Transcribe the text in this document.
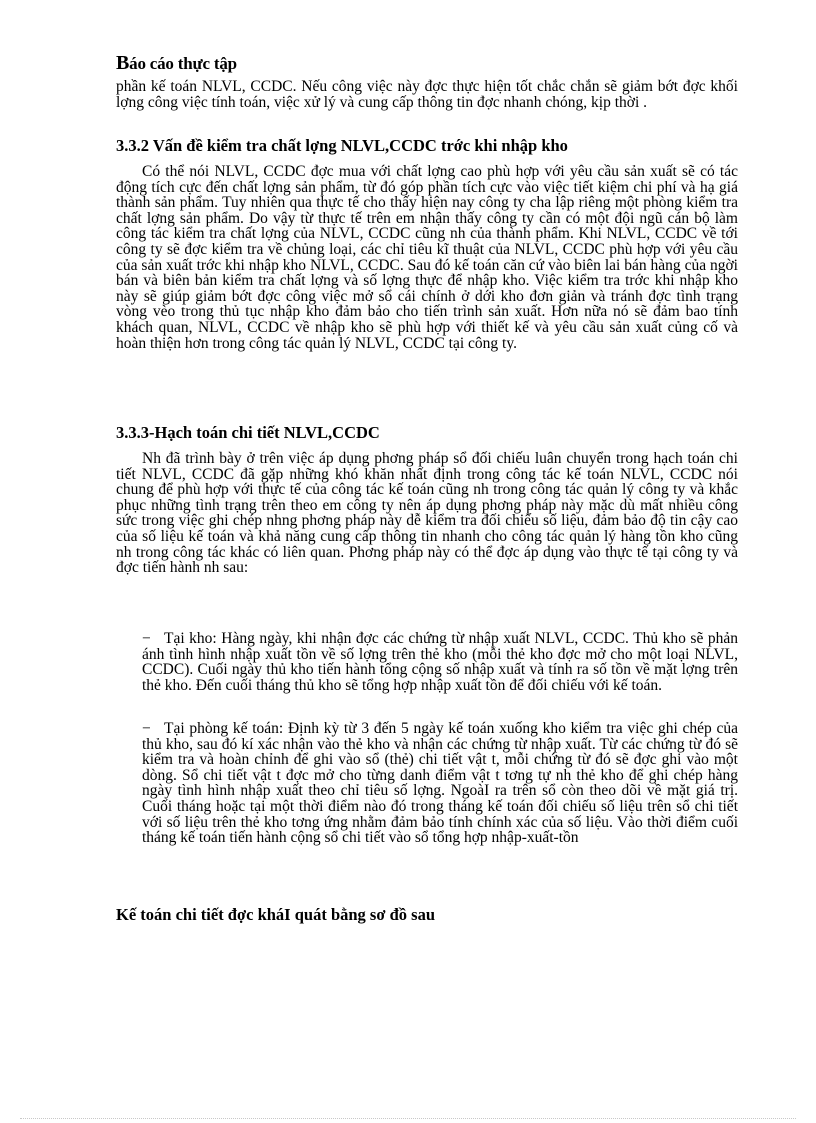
Báo cáo thực tập
phần kế toán NLVL, CCDC. Nếu công việc này đợc thực hiện tốt chắc chắn sẽ giảm bớt đợc khối lợng công việc tính toán, việc xử lý và cung cấp thông tin đợc nhanh chóng, kịp thời .
3.3.2 Vấn đề kiểm tra chất lợng NLVL,CCDC trớc khi nhập kho
Có thể nói NLVL, CCDC đợc mua với chất lợng cao phù hợp với yêu cầu sản xuất sẽ có tác động tích cực đến chất lợng sản phẩm, từ đó góp phần tích cực vào việc tiết kiệm chi phí và hạ giá thành sản phẩm. Tuy nhiên qua thực tế cho thấy hiện nay công ty cha lập riêng một phòng kiểm tra chất lợng sản phẩm. Do vậy từ thực tế trên em nhận thấy công ty cần có một đội ngũ cán bộ làm công tác kiểm tra chất lợng của NLVL, CCDC cũng nh của thành phẩm. Khi NLVL, CCDC về tới công ty sẽ đợc kiểm tra về chủng loại, các chỉ tiêu kĩ thuật của NLVL, CCDC phù hợp với yêu cầu của sản xuất trớc khi nhập kho NLVL, CCDC. Sau đó kế toán căn cứ vào biên lai bán hàng của ngời bán và biên bản kiểm tra chất lợng và số lợng thực để nhập kho. Việc kiểm tra trớc khi nhập kho này sẽ giúp giảm bớt đợc công việc mở sổ cái chính ở dới kho đơn giản và tránh đợc tình trạng vòng vèo trong thủ tục nhập kho đảm bảo cho tiến trình sản xuất. Hơn nữa nó sẽ đảm bao tính khách quan, NLVL, CCDC về nhập kho sẽ phù hợp với thiết kế và yêu cầu sản xuất củng cố và hoàn thiện hơn trong công tác quản lý NLVL, CCDC tại công ty.
3.3.3-Hạch toán chi tiết NLVL,CCDC
Nh đã trình bày ở trên việc áp dụng phơng pháp sổ đối chiếu luân chuyển trong hạch toán chi tiết NLVL, CCDC đã gặp những khó khăn nhất định trong công tác kế toán NLVL, CCDC nói chung để phù hợp với thực tế của công tác kế toán cũng nh trong công tác quản lý công ty và khắc phục những tình trạng trên theo em công ty nên áp dụng phơng pháp này mặc dù mất nhiều công sức trong việc ghi chép nhng phơng pháp này dễ kiểm tra đối chiếu số liệu, đảm bảo độ tin cậy cao của số liệu kế toán và khả năng cung cấp thông tin nhanh cho công tác quản lý hàng tồn kho cũng nh trong công tác khác có liên quan. Phơng pháp này có thể đợc áp dụng vào thực tế tại công ty và đợc tiến hành nh sau:
− Tại kho: Hàng ngày, khi nhận đợc các chứng từ nhập xuất NLVL, CCDC. Thủ kho sẽ phản ánh tình hình nhập xuất tồn về số lợng trên thẻ kho (mỗi thẻ kho đợc mở cho một loại NLVL, CCDC). Cuối ngày thủ kho tiến hành tổng cộng số nhập xuất và tính ra số tồn về mặt lợng trên thẻ kho. Đến cuối tháng thủ kho sẽ tổng hợp nhập xuất tồn để đối chiếu với kế toán.
− Tại phòng kế toán: Định kỳ từ 3 đến 5 ngày kế toán xuống kho kiểm tra việc ghi chép của thủ kho, sau đó kí xác nhận vào thẻ kho và nhận các chứng từ nhập xuất. Từ các chứng từ đó sẽ kiểm tra và hoàn chỉnh để ghi vào sổ (thẻ) chi tiết vật t, mỗi chứng từ đó sẽ đợc ghi vào một dòng. Sổ chi tiết vật t đợc mở cho từng danh điểm vật t tơng tự nh thẻ kho để ghi chép hàng ngày tình hình nhập xuất theo chỉ tiêu số lợng. NgoàI ra trên sổ còn theo dõi về mặt giá trị. Cuối tháng hoặc tại một thời điểm nào đó trong tháng kế toán đối chiếu số liệu trên sổ chi tiết với số liệu trên thẻ kho tơng ứng nhằm đảm bảo tính chính xác của số liệu. Vào thời điểm cuối tháng kế toán tiến hành cộng sổ chi tiết vào sổ tổng hợp nhập-xuất-tồn
Kế toán chi tiết đợc kháI quát bằng sơ đồ sau
